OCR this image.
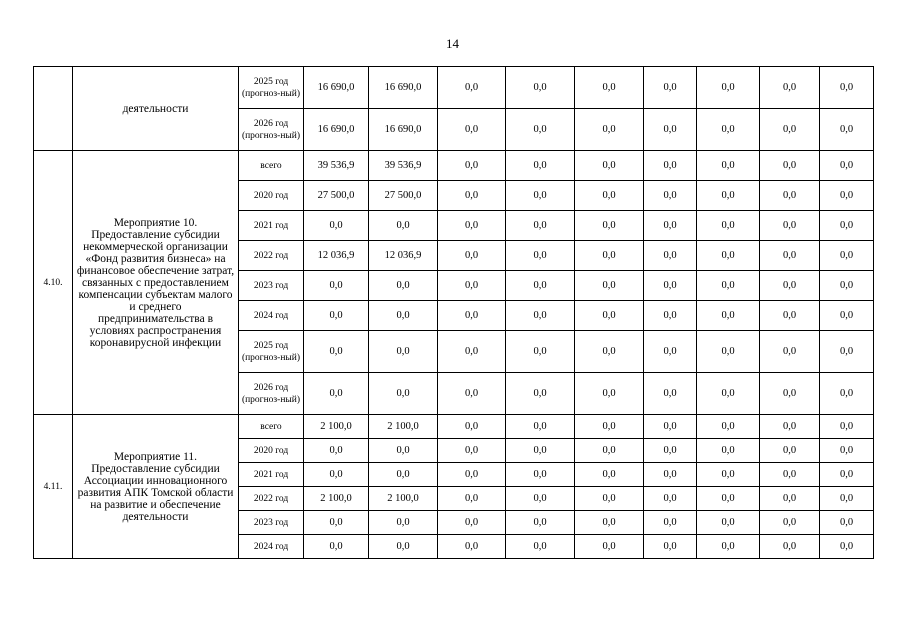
14
	деятельности	2025 год (прогноз-ный)	16 690,0	16 690,0	0,0	0,0	0,0	0,0	0,0	0,0	0,0
		2026 год (прогноз-ный)	16 690,0	16 690,0	0,0	0,0	0,0	0,0	0,0	0,0	0,0
4.10.	Мероприятие 10. Предоставление субсидии некоммерческой организации «Фонд развития бизнеса» на финансовое обеспечение затрат, связанных с предоставлением компенсации субъектам малого и среднего предпринимательства в условиях распространения коронавирусной инфекции	всего	39 536,9	39 536,9	0,0	0,0	0,0	0,0	0,0	0,0	0,0
		2020 год	27 500,0	27 500,0	0,0	0,0	0,0	0,0	0,0	0,0	0,0
		2021 год	0,0	0,0	0,0	0,0	0,0	0,0	0,0	0,0	0,0
		2022 год	12 036,9	12 036,9	0,0	0,0	0,0	0,0	0,0	0,0	0,0
		2023 год	0,0	0,0	0,0	0,0	0,0	0,0	0,0	0,0	0,0
		2024 год	0,0	0,0	0,0	0,0	0,0	0,0	0,0	0,0	0,0
		2025 год (прогноз-ный)	0,0	0,0	0,0	0,0	0,0	0,0	0,0	0,0	0,0
		2026 год (прогноз-ный)	0,0	0,0	0,0	0,0	0,0	0,0	0,0	0,0	0,0
4.11.	Мероприятие 11. Предоставление субсидии Ассоциации инновационного развития АПК Томской области на развитие и обеспечение деятельности	всего	2 100,0	2 100,0	0,0	0,0	0,0	0,0	0,0	0,0	0,0
		2020 год	0,0	0,0	0,0	0,0	0,0	0,0	0,0	0,0	0,0
		2021 год	0,0	0,0	0,0	0,0	0,0	0,0	0,0	0,0	0,0
		2022 год	2 100,0	2 100,0	0,0	0,0	0,0	0,0	0,0	0,0	0,0
		2023 год	0,0	0,0	0,0	0,0	0,0	0,0	0,0	0,0	0,0
		2024 год	0,0	0,0	0,0	0,0	0,0	0,0	0,0	0,0	0,0
